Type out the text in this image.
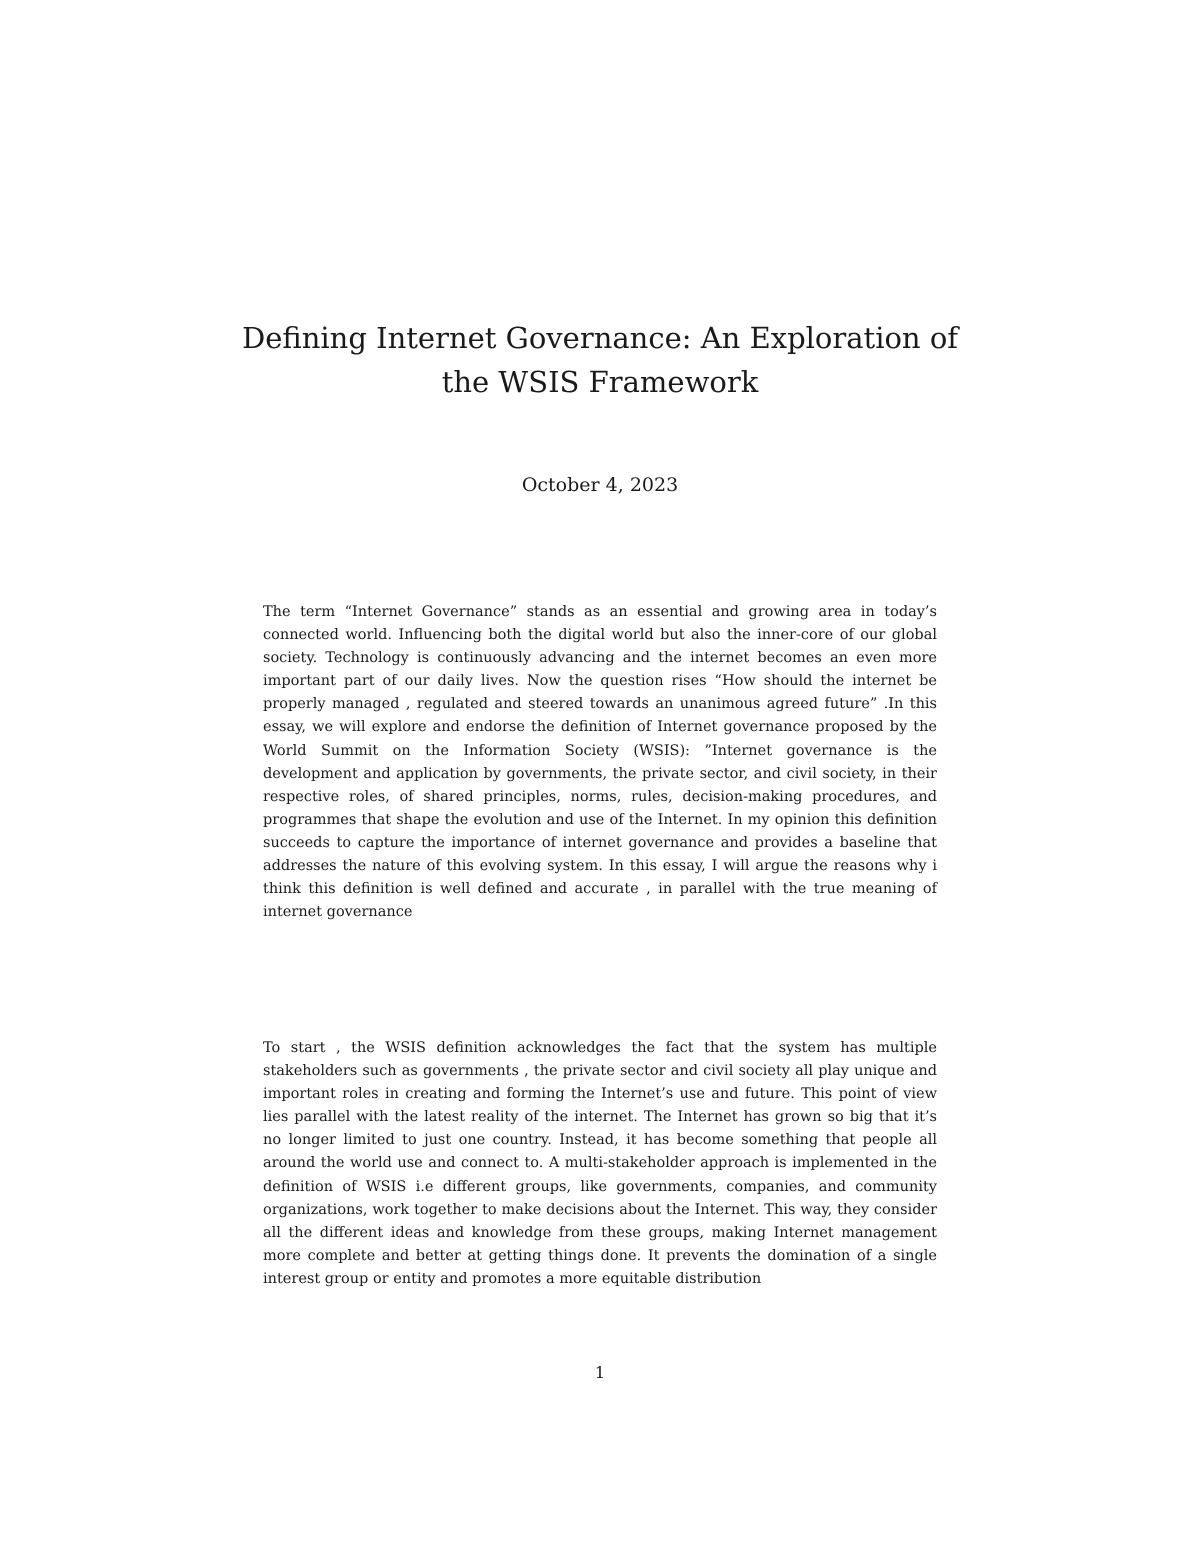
Defining Internet Governance: An Exploration of
the WSIS Framework
October 4, 2023

The term “Internet Governance” stands as an essential and growing area in today’s connected world. Influencing both the digital world but also the inner-core of our global society. Technology is continuously advancing and the internet becomes an even more important part of our daily lives. Now the question rises “How should the internet be properly managed , regulated and steered towards an unanimous agreed future” .In this essay, we will explore and endorse the definition of Internet governance proposed by the World Summit on the Information Society (WSIS): ”Internet governance is the development and application by governments, the private sector, and civil society, in their respective roles, of shared principles, norms, rules, decision-making procedures, and programmes that shape the evolution and use of the Internet. In my opinion this definition succeeds to capture the importance of internet governance and provides a baseline that addresses the nature of this evolving system. In this essay, I will argue the reasons why i think this definition is well defined and accurate , in parallel with the true meaning of internet governance

To start , the WSIS definition acknowledges the fact that the system has multiple stakeholders such as governments , the private sector and civil society all play unique and important roles in creating and forming the Internet’s use and future. This point of view lies parallel with the latest reality of the internet. The Internet has grown so big that it’s no longer limited to just one country. Instead, it has become something that people all around the world use and connect to. A multi-stakeholder approach is implemented in the definition of WSIS i.e different groups, like governments, companies, and community organizations, work together to make decisions about the Internet. This way, they consider all the different ideas and knowledge from these groups, making Internet management more complete and better at getting things done. It prevents the domination of a single interest group or entity and promotes a more equitable distribution

1
